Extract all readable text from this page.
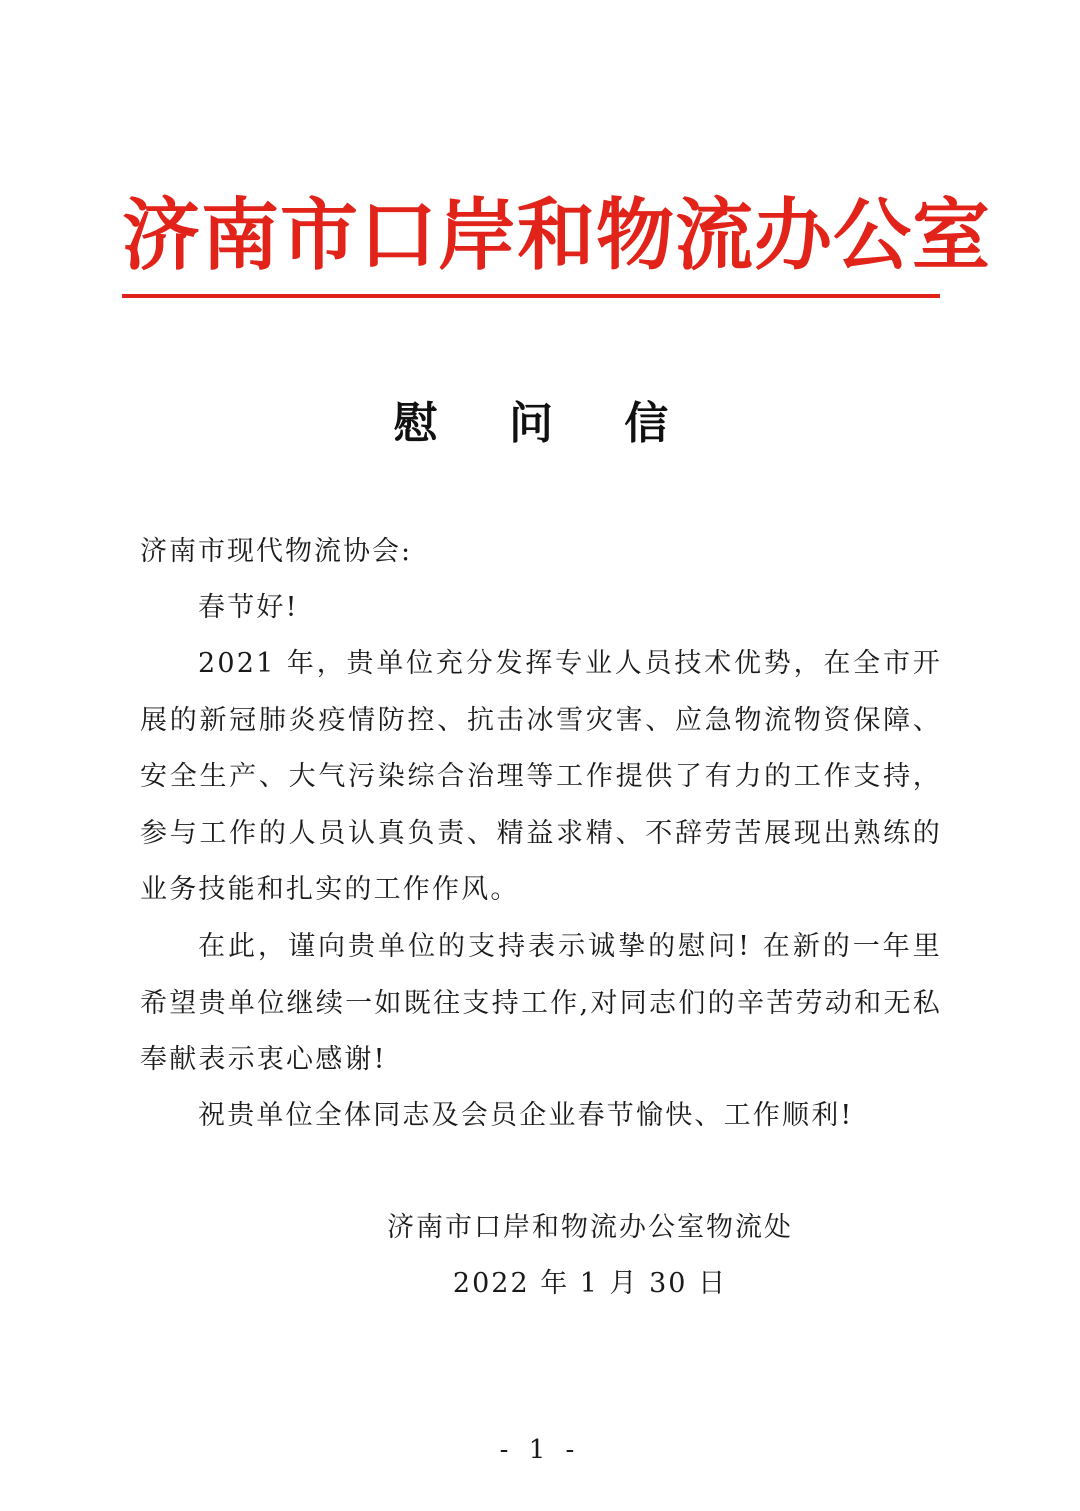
济南市口岸和物流办公室
慰 问 信
济南市现代物流协会:
春节好!
2021 年，贵单位充分发挥专业人员技术优势，在全市开展的新冠肺炎疫情防控、抗击冰雪灾害、应急物流物资保障、安全生产、大气污染综合治理等工作提供了有力的工作支持，参与工作的人员认真负责、精益求精、不辞劳苦展现出熟练的业务技能和扎实的工作作风。
在此，谨向贵单位的支持表示诚挚的慰问! 在新的一年里希望贵单位继续一如既往支持工作,对同志们的辛苦劳动和无私奉献表示衷心感谢!
祝贵单位全体同志及会员企业春节愉快、工作顺利!
济南市口岸和物流办公室物流处
2022 年 1 月 30 日
- 1 -
